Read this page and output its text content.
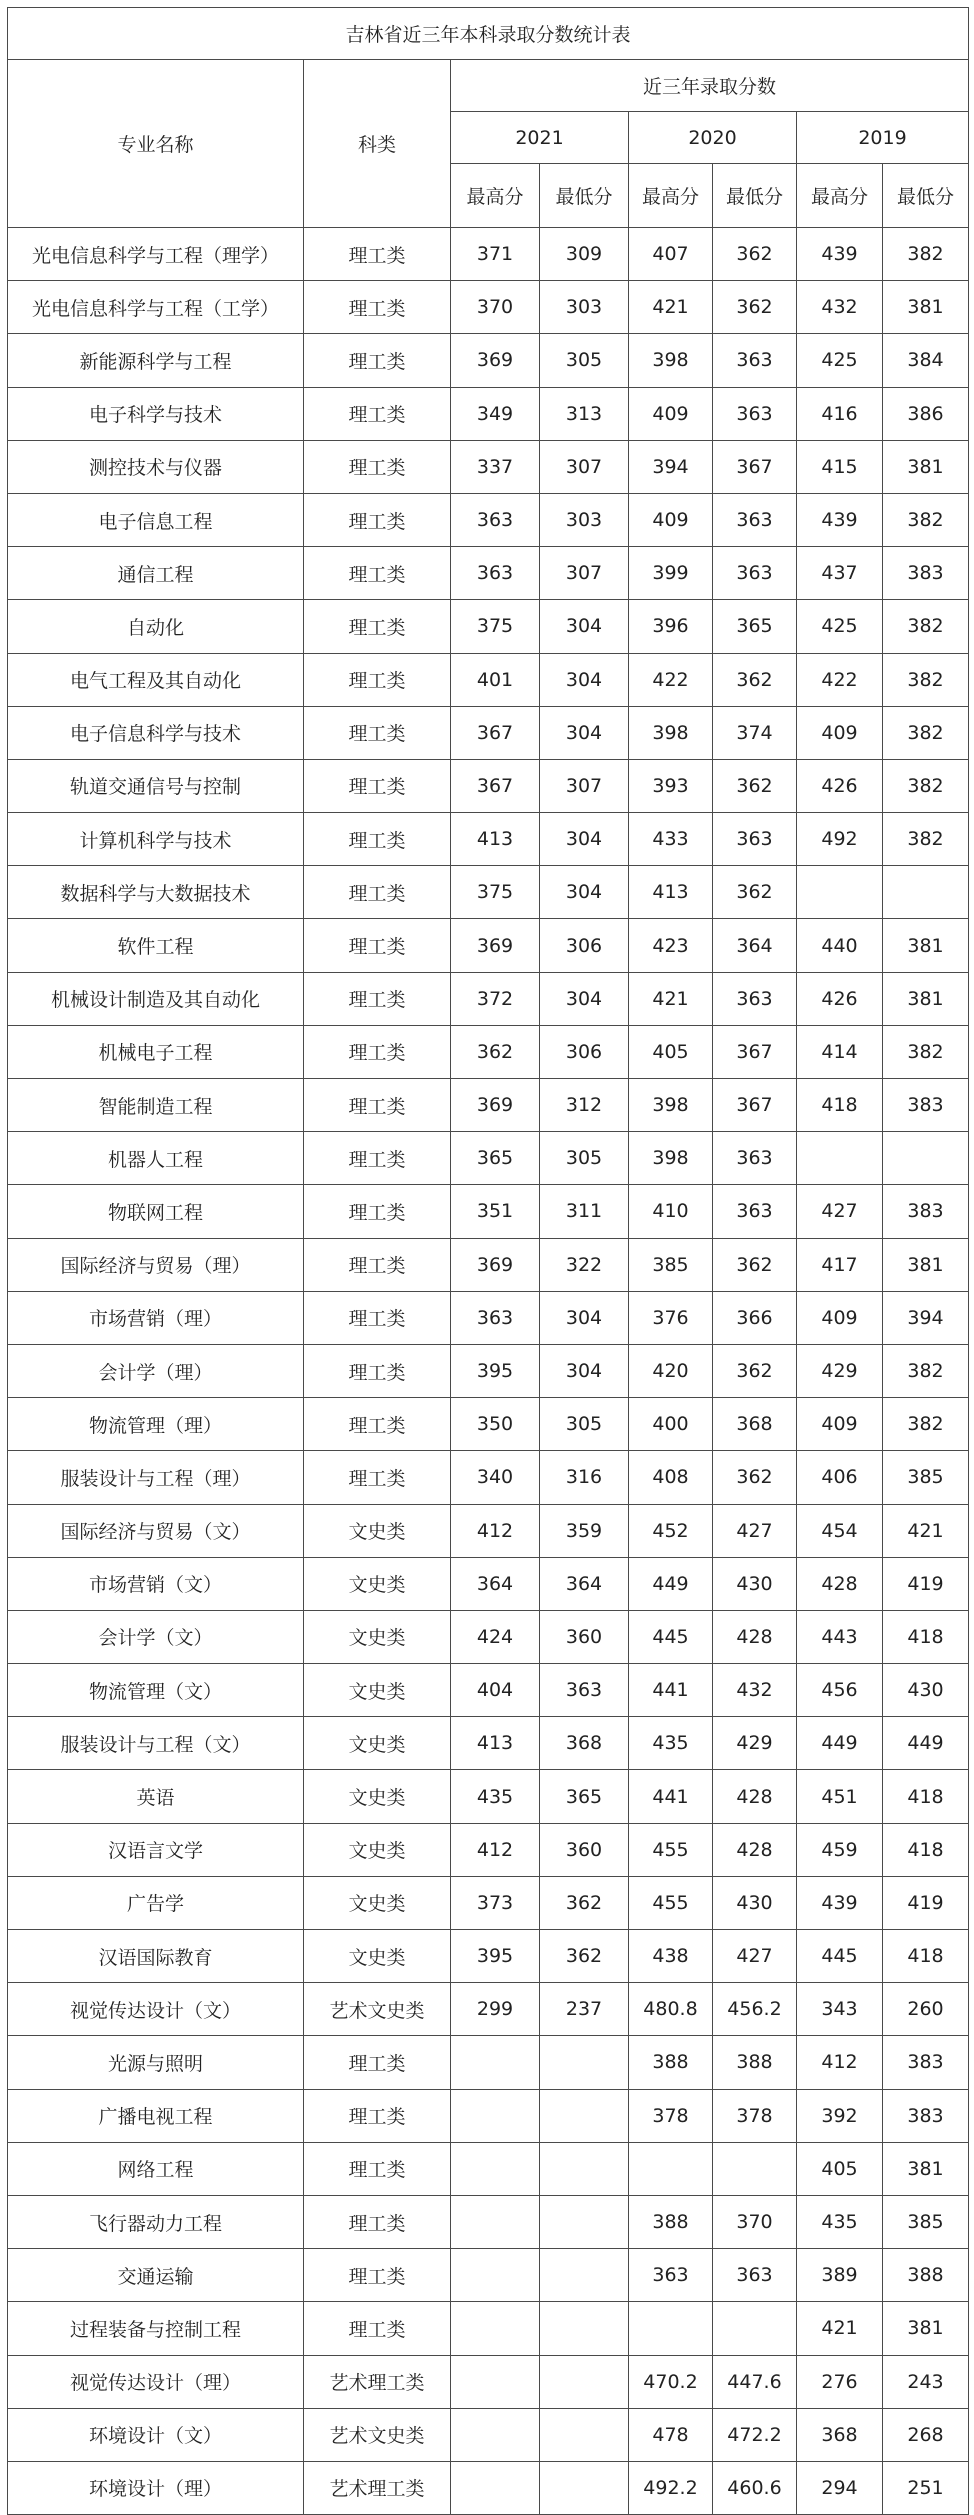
吉林省近三年本科录取分数统计表							
专业名称	科类	近三年录取分数					
		2021		2020		2019	
		最高分	最低分	最高分	最低分	最高分	最低分
光电信息科学与工程（理学）	理工类	371	309	407	362	439	382
光电信息科学与工程（工学）	理工类	370	303	421	362	432	381
新能源科学与工程	理工类	369	305	398	363	425	384
电子科学与技术	理工类	349	313	409	363	416	386
测控技术与仪器	理工类	337	307	394	367	415	381
电子信息工程	理工类	363	303	409	363	439	382
通信工程	理工类	363	307	399	363	437	383
自动化	理工类	375	304	396	365	425	382
电气工程及其自动化	理工类	401	304	422	362	422	382
电子信息科学与技术	理工类	367	304	398	374	409	382
轨道交通信号与控制	理工类	367	307	393	362	426	382
计算机科学与技术	理工类	413	304	433	363	492	382
数据科学与大数据技术	理工类	375	304	413	362		
软件工程	理工类	369	306	423	364	440	381
机械设计制造及其自动化	理工类	372	304	421	363	426	381
机械电子工程	理工类	362	306	405	367	414	382
智能制造工程	理工类	369	312	398	367	418	383
机器人工程	理工类	365	305	398	363		
物联网工程	理工类	351	311	410	363	427	383
国际经济与贸易（理）	理工类	369	322	385	362	417	381
市场营销（理）	理工类	363	304	376	366	409	394
会计学（理）	理工类	395	304	420	362	429	382
物流管理（理）	理工类	350	305	400	368	409	382
服装设计与工程（理）	理工类	340	316	408	362	406	385
国际经济与贸易（文）	文史类	412	359	452	427	454	421
市场营销（文）	文史类	364	364	449	430	428	419
会计学（文）	文史类	424	360	445	428	443	418
物流管理（文）	文史类	404	363	441	432	456	430
服装设计与工程（文）	文史类	413	368	435	429	449	449
英语	文史类	435	365	441	428	451	418
汉语言文学	文史类	412	360	455	428	459	418
广告学	文史类	373	362	455	430	439	419
汉语国际教育	文史类	395	362	438	427	445	418
视觉传达设计（文）	艺术文史类	299	237	480.8	456.2	343	260
光源与照明	理工类			388	388	412	383
广播电视工程	理工类			378	378	392	383
网络工程	理工类					405	381
飞行器动力工程	理工类			388	370	435	385
交通运输	理工类			363	363	389	388
过程装备与控制工程	理工类					421	381
视觉传达设计（理）	艺术理工类			470.2	447.6	276	243
环境设计（文）	艺术文史类			478	472.2	368	268
环境设计（理）	艺术理工类			492.2	460.6	294	251
